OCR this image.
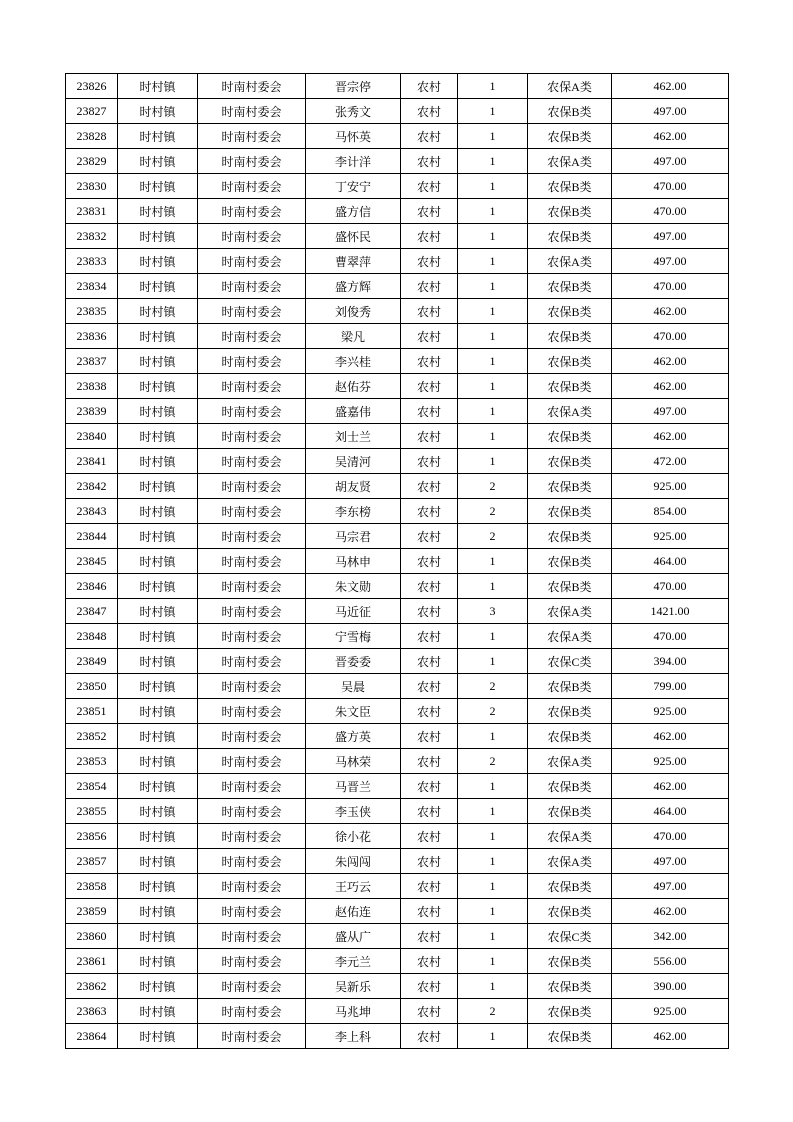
23826	时村镇	时南村委会	晋宗停	农村	1	农保A类	462.00
23827	时村镇	时南村委会	张秀文	农村	1	农保B类	497.00
23828	时村镇	时南村委会	马怀英	农村	1	农保B类	462.00
23829	时村镇	时南村委会	李计洋	农村	1	农保A类	497.00
23830	时村镇	时南村委会	丁安宁	农村	1	农保B类	470.00
23831	时村镇	时南村委会	盛方信	农村	1	农保B类	470.00
23832	时村镇	时南村委会	盛怀民	农村	1	农保B类	497.00
23833	时村镇	时南村委会	曹翠萍	农村	1	农保A类	497.00
23834	时村镇	时南村委会	盛方辉	农村	1	农保B类	470.00
23835	时村镇	时南村委会	刘俊秀	农村	1	农保B类	462.00
23836	时村镇	时南村委会	梁凡	农村	1	农保B类	470.00
23837	时村镇	时南村委会	李兴桂	农村	1	农保B类	462.00
23838	时村镇	时南村委会	赵佑芬	农村	1	农保B类	462.00
23839	时村镇	时南村委会	盛嘉伟	农村	1	农保A类	497.00
23840	时村镇	时南村委会	刘士兰	农村	1	农保B类	462.00
23841	时村镇	时南村委会	吴清河	农村	1	农保B类	472.00
23842	时村镇	时南村委会	胡友贤	农村	2	农保B类	925.00
23843	时村镇	时南村委会	李东榜	农村	2	农保B类	854.00
23844	时村镇	时南村委会	马宗君	农村	2	农保B类	925.00
23845	时村镇	时南村委会	马林申	农村	1	农保B类	464.00
23846	时村镇	时南村委会	朱文勋	农村	1	农保B类	470.00
23847	时村镇	时南村委会	马近征	农村	3	农保A类	1421.00
23848	时村镇	时南村委会	宁雪梅	农村	1	农保A类	470.00
23849	时村镇	时南村委会	晋委委	农村	1	农保C类	394.00
23850	时村镇	时南村委会	吴晨	农村	2	农保B类	799.00
23851	时村镇	时南村委会	朱文臣	农村	2	农保B类	925.00
23852	时村镇	时南村委会	盛方英	农村	1	农保B类	462.00
23853	时村镇	时南村委会	马林荣	农村	2	农保A类	925.00
23854	时村镇	时南村委会	马晋兰	农村	1	农保B类	462.00
23855	时村镇	时南村委会	李玉侠	农村	1	农保B类	464.00
23856	时村镇	时南村委会	徐小花	农村	1	农保A类	470.00
23857	时村镇	时南村委会	朱闯闯	农村	1	农保A类	497.00
23858	时村镇	时南村委会	王巧云	农村	1	农保B类	497.00
23859	时村镇	时南村委会	赵佑连	农村	1	农保B类	462.00
23860	时村镇	时南村委会	盛从广	农村	1	农保C类	342.00
23861	时村镇	时南村委会	李元兰	农村	1	农保B类	556.00
23862	时村镇	时南村委会	吴新乐	农村	1	农保B类	390.00
23863	时村镇	时南村委会	马兆坤	农村	2	农保B类	925.00
23864	时村镇	时南村委会	李上科	农村	1	农保B类	462.00
